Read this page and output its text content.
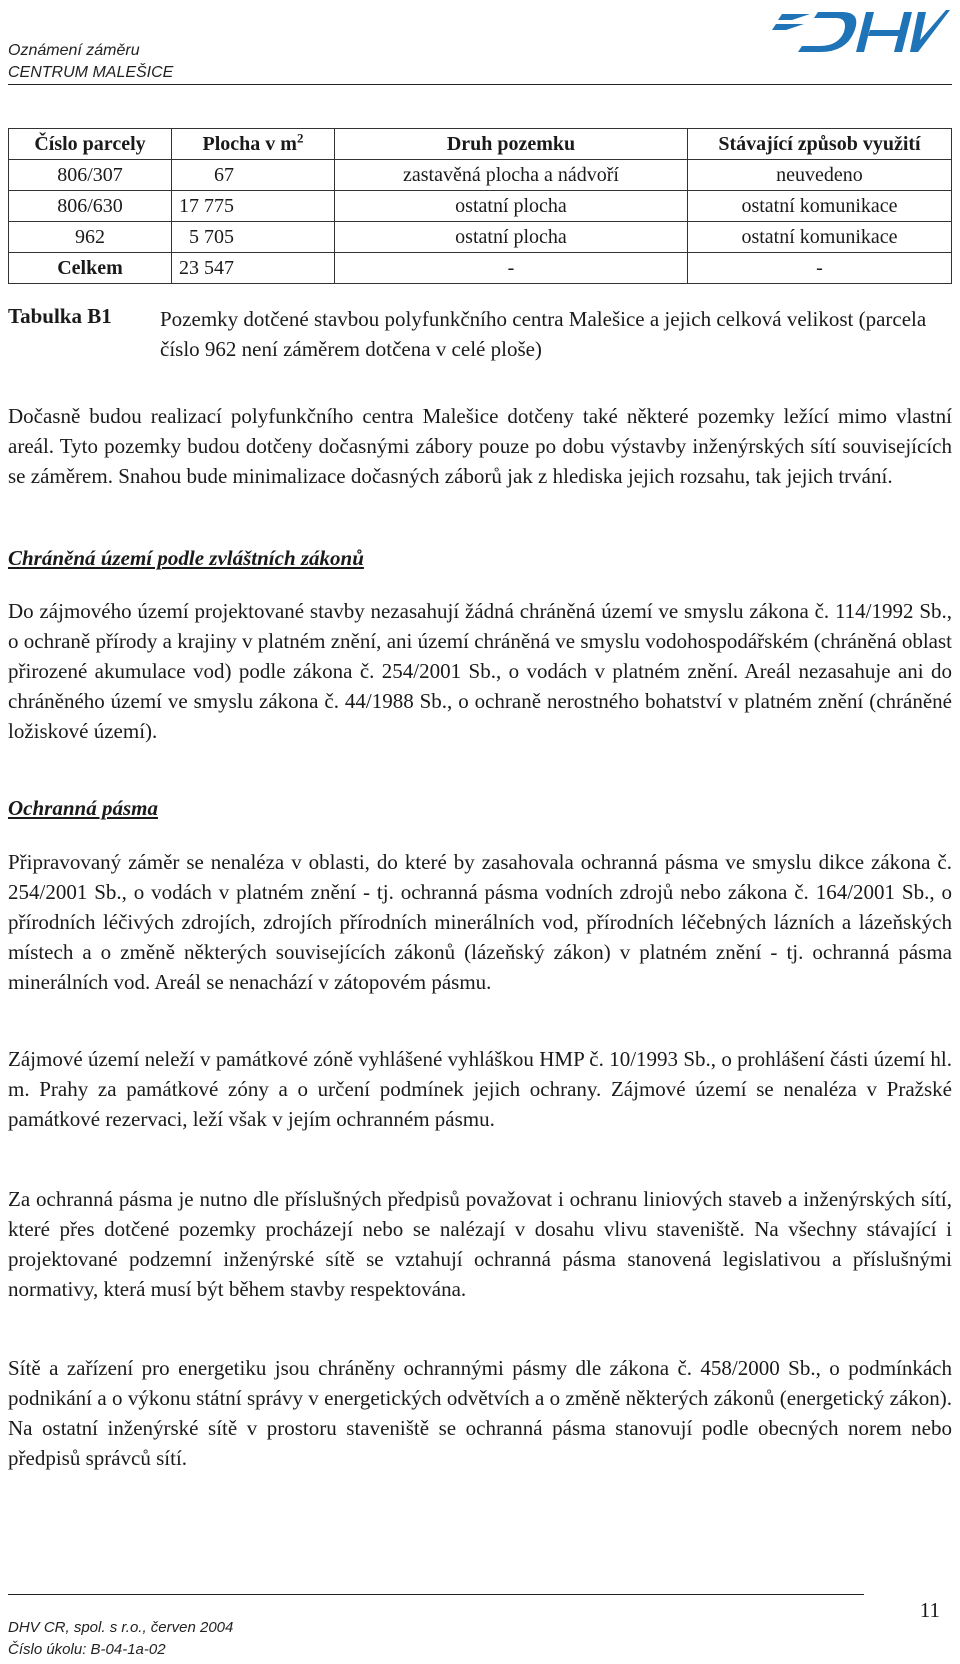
Oznámení záměru
CENTRUM MALEŠICE
Číslo parcely	Plocha v $m^2$	Druh pozemku	Stávající způsob využití
806/307	67	zastavěná plocha a nádvoří	neuvedeno
806/630	17 775	ostatní plocha	ostatní komunikace
962	5 705	ostatní plocha	ostatní komunikace
Celkem	23 547	-	-
Tabulka B1 Pozemky dotčené stavbou polyfunkčního centra Malešice a jejich celková velikost (parcela číslo 962 není záměrem dotčena v celé ploše)
Dočasně budou realizací polyfunkčního centra Malešice dotčeny také některé pozemky ležící mimo vlastní areál. Tyto pozemky budou dotčeny dočasnými zábory pouze po dobu výstavby inženýrských sítí souvisejících se záměrem. Snahou bude minimalizace dočasných záborů jak z hlediska jejich rozsahu, tak jejich trvání.
Chráněná území podle zvláštních zákonů
Do zájmového území projektované stavby nezasahují žádná chráněná území ve smyslu zákona č. 114/1992 Sb., o ochraně přírody a krajiny v platném znění, ani území chráněná ve smyslu vodohospodářském (chráněná oblast přirozené akumulace vod) podle zákona č. 254/2001 Sb., o vodách v platném znění. Areál nezasahuje ani do chráněného území ve smyslu zákona č. 44/1988 Sb., o ochraně nerostného bohatství v platném znění (chráněné ložiskové území).
Ochranná pásma
Připravovaný záměr se nenaléza v oblasti, do které by zasahovala ochranná pásma ve smyslu dikce zákona č. 254/2001 Sb., o vodách v platném znění - tj. ochranná pásma vodních zdrojů nebo zákona č. 164/2001 Sb., o přírodních léčivých zdrojích, zdrojích přírodních minerálních vod, přírodních léčebných lázních a lázeňských místech a o změně některých souvisejících zákonů (lázeňský zákon) v platném znění - tj. ochranná pásma minerálních vod. Areál se nenachází v zátopovém pásmu.
Zájmové území neleží v památkové zóně vyhlášené vyhláškou HMP č. 10/1993 Sb., o prohlášení části území hl. m. Prahy za památkové zóny a o určení podmínek jejich ochrany. Zájmové území se nenaléza v Pražské památkové rezervaci, leží však v jejím ochranném pásmu.
Za ochranná pásma je nutno dle příslušných předpisů považovat i ochranu liniových staveb a inženýrských sítí, které přes dotčené pozemky procházejí nebo se nalézají v dosahu vlivu staveniště. Na všechny stávající i projektované podzemní inženýrské sítě se vztahují ochranná pásma stanovená legislativou a příslušnými normativy, která musí být během stavby respektována.
Sítě a zařízení pro energetiku jsou chráněny ochrannými pásmy dle zákona č. 458/2000 Sb., o podmínkách podnikání a o výkonu státní správy v energetických odvětvích a o změně některých zákonů (energetický zákon). Na ostatní inženýrské sítě v prostoru staveniště se ochranná pásma stanovují podle obecných norem nebo předpisů správců sítí.
11
DHV CR, spol. s r.o., červen 2004
Číslo úkolu: B-04-1a-02
